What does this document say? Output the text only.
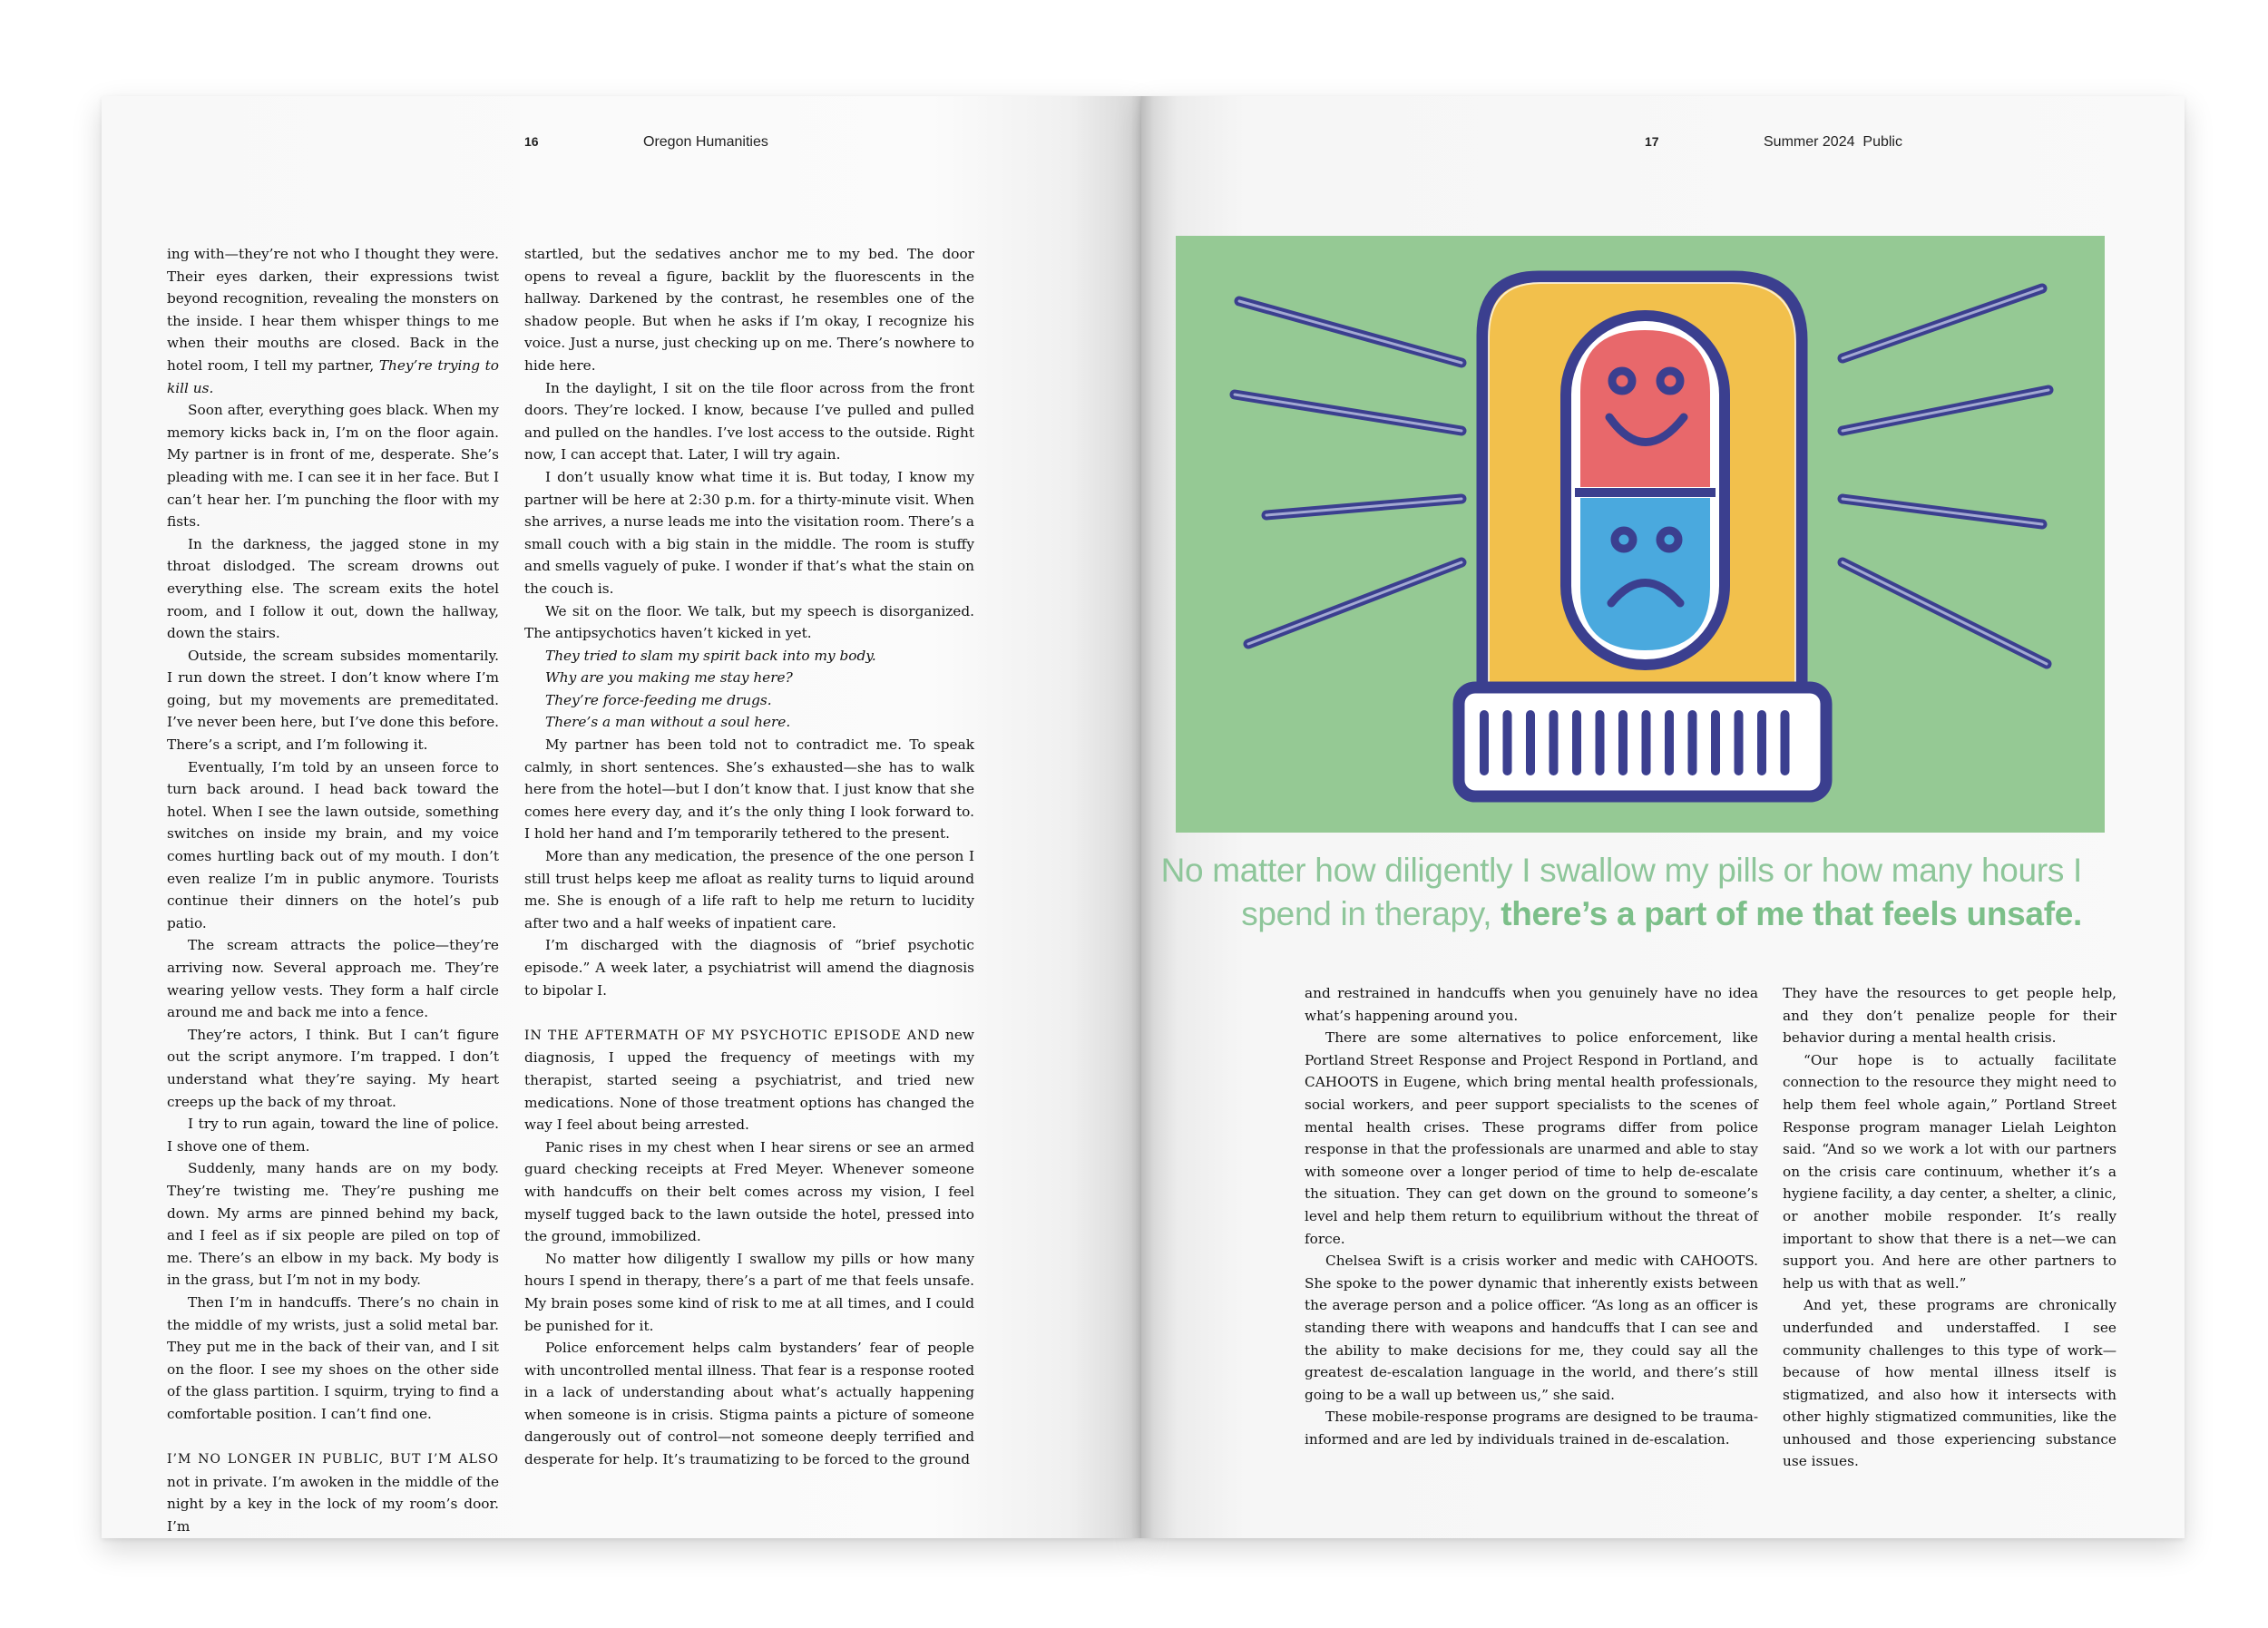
16	Oregon Humanities

ing with—they’re not who I thought they were. Their eyes darken, their expressions twist beyond recognition, revealing the monsters on the inside. I hear them whisper things to me when their mouths are closed. Back in the hotel room, I tell my partner, They’re trying to kill us.

Soon after, everything goes black. When my memory kicks back in, I’m on the floor again. My partner is in front of me, desperate. She’s pleading with me. I can see it in her face. But I can’t hear her. I’m punching the floor with my fists.

In the darkness, the jagged stone in my throat dislodged. The scream drowns out everything else. The scream exits the hotel room, and I follow it out, down the hallway, down the stairs.

Outside, the scream subsides momentarily. I run down the street. I don’t know where I’m going, but my movements are premeditated. I’ve never been here, but I’ve done this before. There’s a script, and I’m following it.

Eventually, I’m told by an unseen force to turn back around. I head back toward the hotel. When I see the lawn outside, something switches on inside my brain, and my voice comes hurtling back out of my mouth. I don’t even realize I’m in public anymore. Tourists continue their dinners on the hotel’s pub patio.

The scream attracts the police—they’re arriving now. Several approach me. They’re wearing yellow vests. They form a half circle around me and back me into a fence.

They’re actors, I think. But I can’t figure out the script anymore. I’m trapped. I don’t understand what they’re saying. My heart creeps up the back of my throat.

I try to run again, toward the line of police. I shove one of them.

Suddenly, many hands are on my body. They’re twisting me. They’re pushing me down. My arms are pinned behind my back, and I feel as if six people are piled on top of me. There’s an elbow in my back. My body is in the grass, but I’m not in my body.

Then I’m in handcuffs. There’s no chain in the middle of my wrists, just a solid metal bar. They put me in the back of their van, and I sit on the floor. I see my shoes on the other side of the glass partition. I squirm, trying to find a comfortable position. I can’t find one.

I’M NO LONGER IN PUBLIC, BUT I’M ALSO not in private. I’m awoken in the middle of the night by a key in the lock of my room’s door. I’m

startled, but the sedatives anchor me to my bed. The door opens to reveal a figure, backlit by the fluorescents in the hallway. Darkened by the contrast, he resembles one of the shadow people. But when he asks if I’m okay, I recognize his voice. Just a nurse, just checking up on me. There’s nowhere to hide here.

In the daylight, I sit on the tile floor across from the front doors. They’re locked. I know, because I’ve pulled and pulled and pulled on the handles. I’ve lost access to the outside. Right now, I can accept that. Later, I will try again.

I don’t usually know what time it is. But today, I know my partner will be here at 2:30 p.m. for a thirty-minute visit. When she arrives, a nurse leads me into the visitation room. There’s a small couch with a big stain in the middle. The room is stuffy and smells vaguely of puke. I wonder if that’s what the stain on the couch is.

We sit on the floor. We talk, but my speech is disorganized. The antipsychotics haven’t kicked in yet.

They tried to slam my spirit back into my body.

Why are you making me stay here?

They’re force-feeding me drugs.

There’s a man without a soul here.

My partner has been told not to contradict me. To speak calmly, in short sentences. She’s exhausted—she has to walk here from the hotel—but I don’t know that. I just know that she comes here every day, and it’s the only thing I look forward to. I hold her hand and I’m temporarily tethered to the present.

More than any medication, the presence of the one person I still trust helps keep me afloat as reality turns to liquid around me. She is enough of a life raft to help me return to lucidity after two and a half weeks of inpatient care.

I’m discharged with the diagnosis of “brief psychotic episode.” A week later, a psychiatrist will amend the diagnosis to bipolar I.

IN THE AFTERMATH OF MY PSYCHOTIC EPISODE AND new diagnosis, I upped the frequency of meetings with my therapist, started seeing a psychiatrist, and tried new medications. None of those treatment options has changed the way I feel about being arrested.

Panic rises in my chest when I hear sirens or see an armed guard checking receipts at Fred Meyer. Whenever someone with handcuffs on their belt comes across my vision, I feel myself tugged back to the lawn outside the hotel, pressed into the ground, immobilized.

No matter how diligently I swallow my pills or how many hours I spend in therapy, there’s a part of me that feels unsafe. My brain poses some kind of risk to me at all times, and I could be punished for it.

Police enforcement helps calm bystanders’ fear of people with uncontrolled mental illness. That fear is a response rooted in a lack of understanding about what’s actually happening when someone is in crisis. Stigma paints a picture of someone dangerously out of control—not someone deeply terrified and desperate for help. It’s traumatizing to be forced to the ground

17	Summer 2024 Public
No matter how diligently I swallow my pills or how many hours I spend in therapy, there’s a part of me that feels unsafe.

and restrained in handcuffs when you genuinely have no idea what’s happening around you.

There are some alternatives to police enforcement, like Portland Street Response and Project Respond in Portland, and CAHOOTS in Eugene, which bring mental health professionals, social workers, and peer support specialists to the scenes of mental health crises. These programs differ from police response in that the professionals are unarmed and able to stay with someone over a longer period of time to help de-escalate the situation. They can get down on the ground to someone’s level and help them return to equilibrium without the threat of force.

Chelsea Swift is a crisis worker and medic with CAHOOTS. She spoke to the power dynamic that inherently exists between the average person and a police officer. “As long as an officer is standing there with weapons and handcuffs that I can see and the ability to make decisions for me, they could say all the greatest de-escalation language in the world, and there’s still going to be a wall up between us,” she said.

These mobile-response programs are designed to be trauma-informed and are led by individuals trained in de-escalation.

They have the resources to get people help, and they don’t penalize people for their behavior during a mental health crisis.

“Our hope is to actually facilitate connection to the resource they might need to help them feel whole again,” Portland Street Response program manager Lielah Leighton said. “And so we work a lot with our partners on the crisis care continuum, whether it’s a hygiene facility, a day center, a shelter, a clinic, or another mobile responder. It’s really important to show that there is a net—we can support you. And here are other partners to help us with that as well.”

And yet, these programs are chronically underfunded and understaffed. I see community challenges to this type of work—because of how mental illness itself is stigmatized, and also how it intersects with other highly stigmatized communities, like the unhoused and those experiencing substance use issues.
